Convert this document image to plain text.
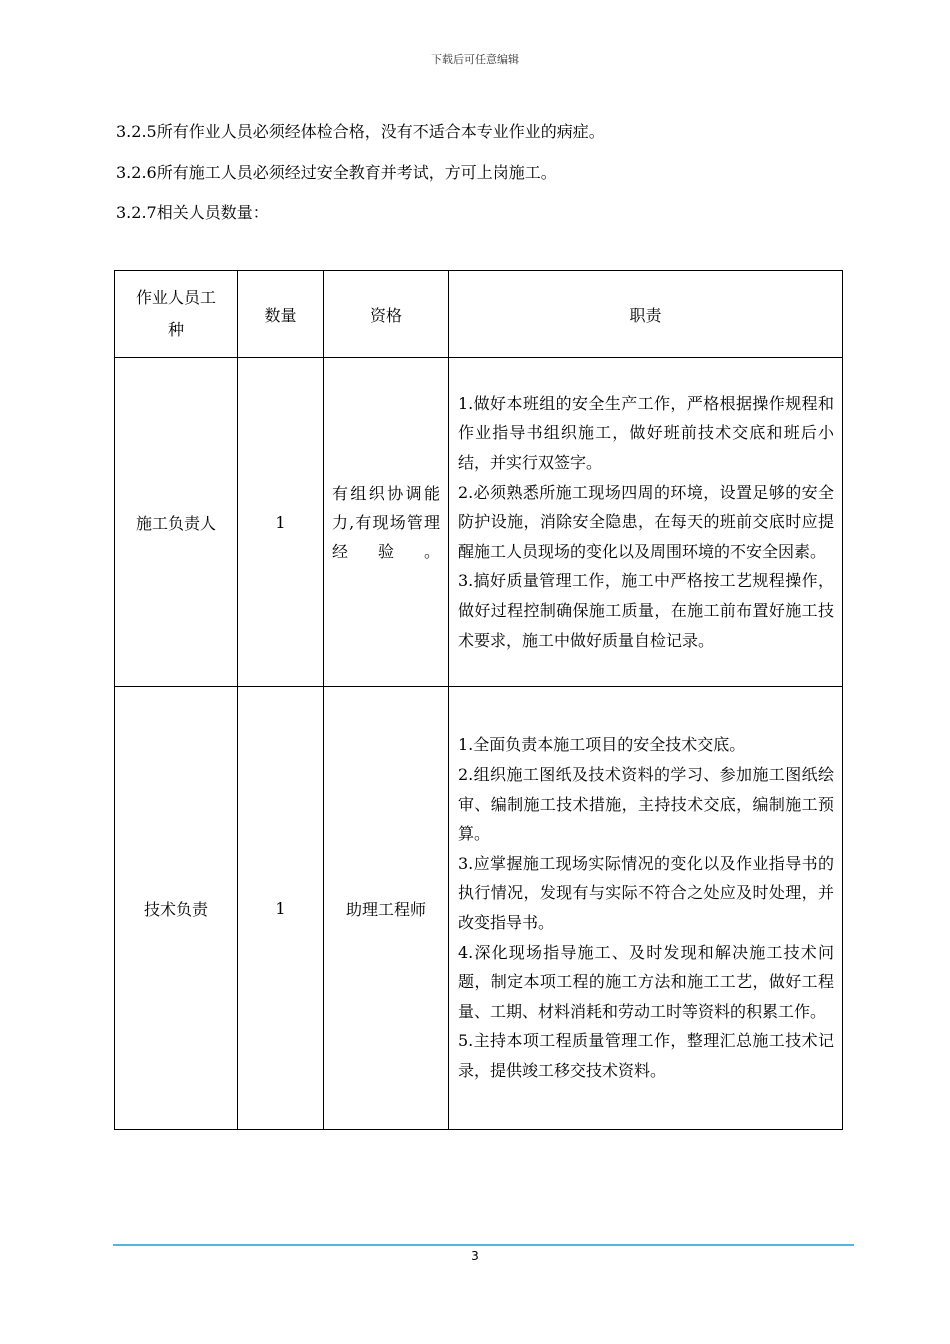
下载后可任意编辑
3.2.5所有作业人员必须经体检合格，没有不适合本专业作业的病症。
3.2.6所有施工人员必须经过安全教育并考试，方可上岗施工。
3.2.7相关人员数量：
作业人员工
种	数量	资格	职责
施工负责人	1	有组织协调能力,有现场管理经验。	1.做好本班组的安全生产工作，严格根据操作规程和作业指导书组织施工，做好班前技术交底和班后小结，并实行双签字。
2.必须熟悉所施工现场四周的环境，设置足够的安全防护设施，消除安全隐患，在每天的班前交底时应提醒施工人员现场的变化以及周围环境的不安全因素。
3.搞好质量管理工作，施工中严格按工艺规程操作，做好过程控制确保施工质量，在施工前布置好施工技术要求，施工中做好质量自检记录。

技术负责	1	助理工程师	1.全面负责本施工项目的安全技术交底。
2.组织施工图纸及技术资料的学习、参加施工图纸绘审、编制施工技术措施，主持技术交底，编制施工预算。
3.应掌握施工现场实际情况的变化以及作业指导书的执行情况，发现有与实际不符合之处应及时处理，并改变指导书。
4.深化现场指导施工、及时发现和解决施工技术问题，制定本项工程的施工方法和施工工艺，做好工程量、工期、材料消耗和劳动工时等资料的积累工作。
5.主持本项工程质量管理工作，整理汇总施工技术记录，提供竣工移交技术资料。
3
